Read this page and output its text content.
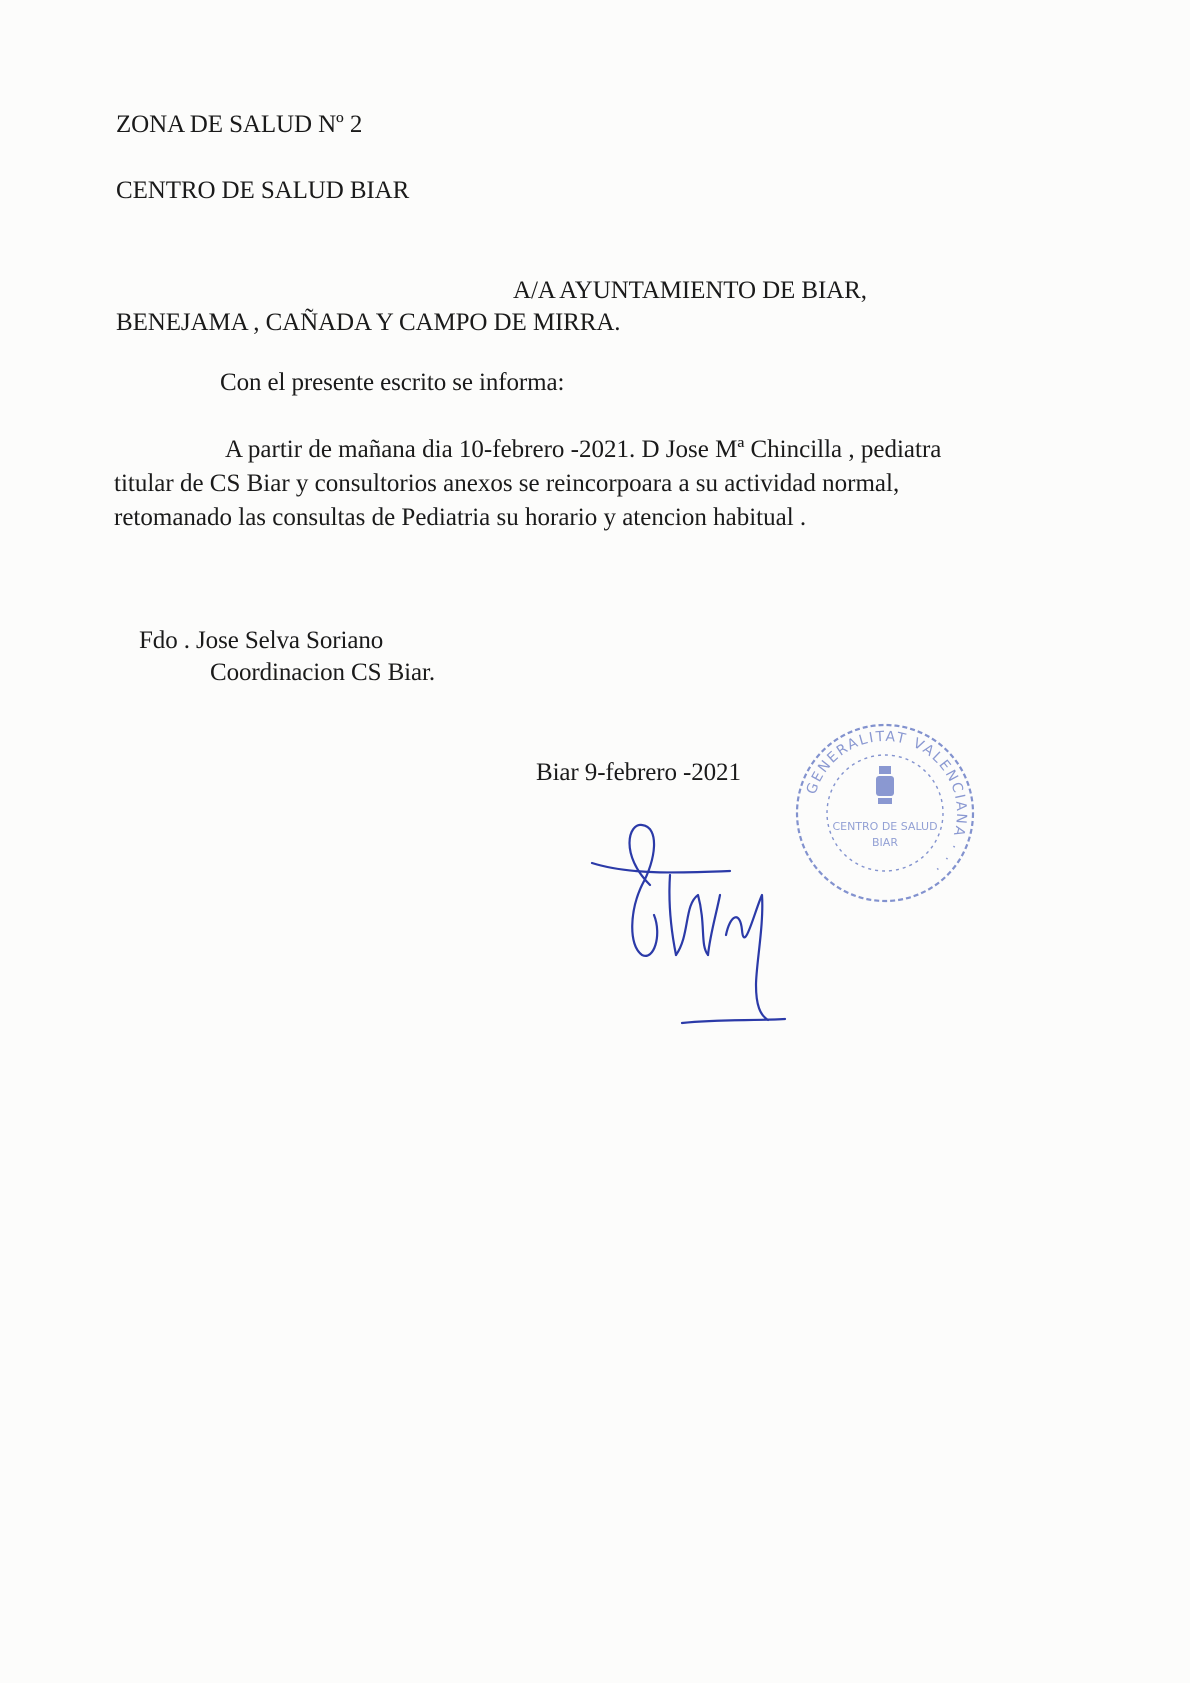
ZONA DE SALUD Nº 2
CENTRO DE SALUD BIAR
A/A AYUNTAMIENTO DE BIAR,
BENEJAMA , CAÑADA Y CAMPO DE MIRRA.
Con el presente escrito se informa:
A partir de mañana dia 10-febrero -2021. D Jose Mª Chincilla , pediatra
titular de CS Biar y consultorios anexos se reincorpoara a su actividad normal,
retomanado las consultas de Pediatria su horario y atencion habitual .
Fdo . Jose Selva Soriano
Coordinacion CS Biar.
Biar 9-febrero -2021
GENERALITAT VALENCIANA · · ·
CENTRO DE SALUD
BIAR
